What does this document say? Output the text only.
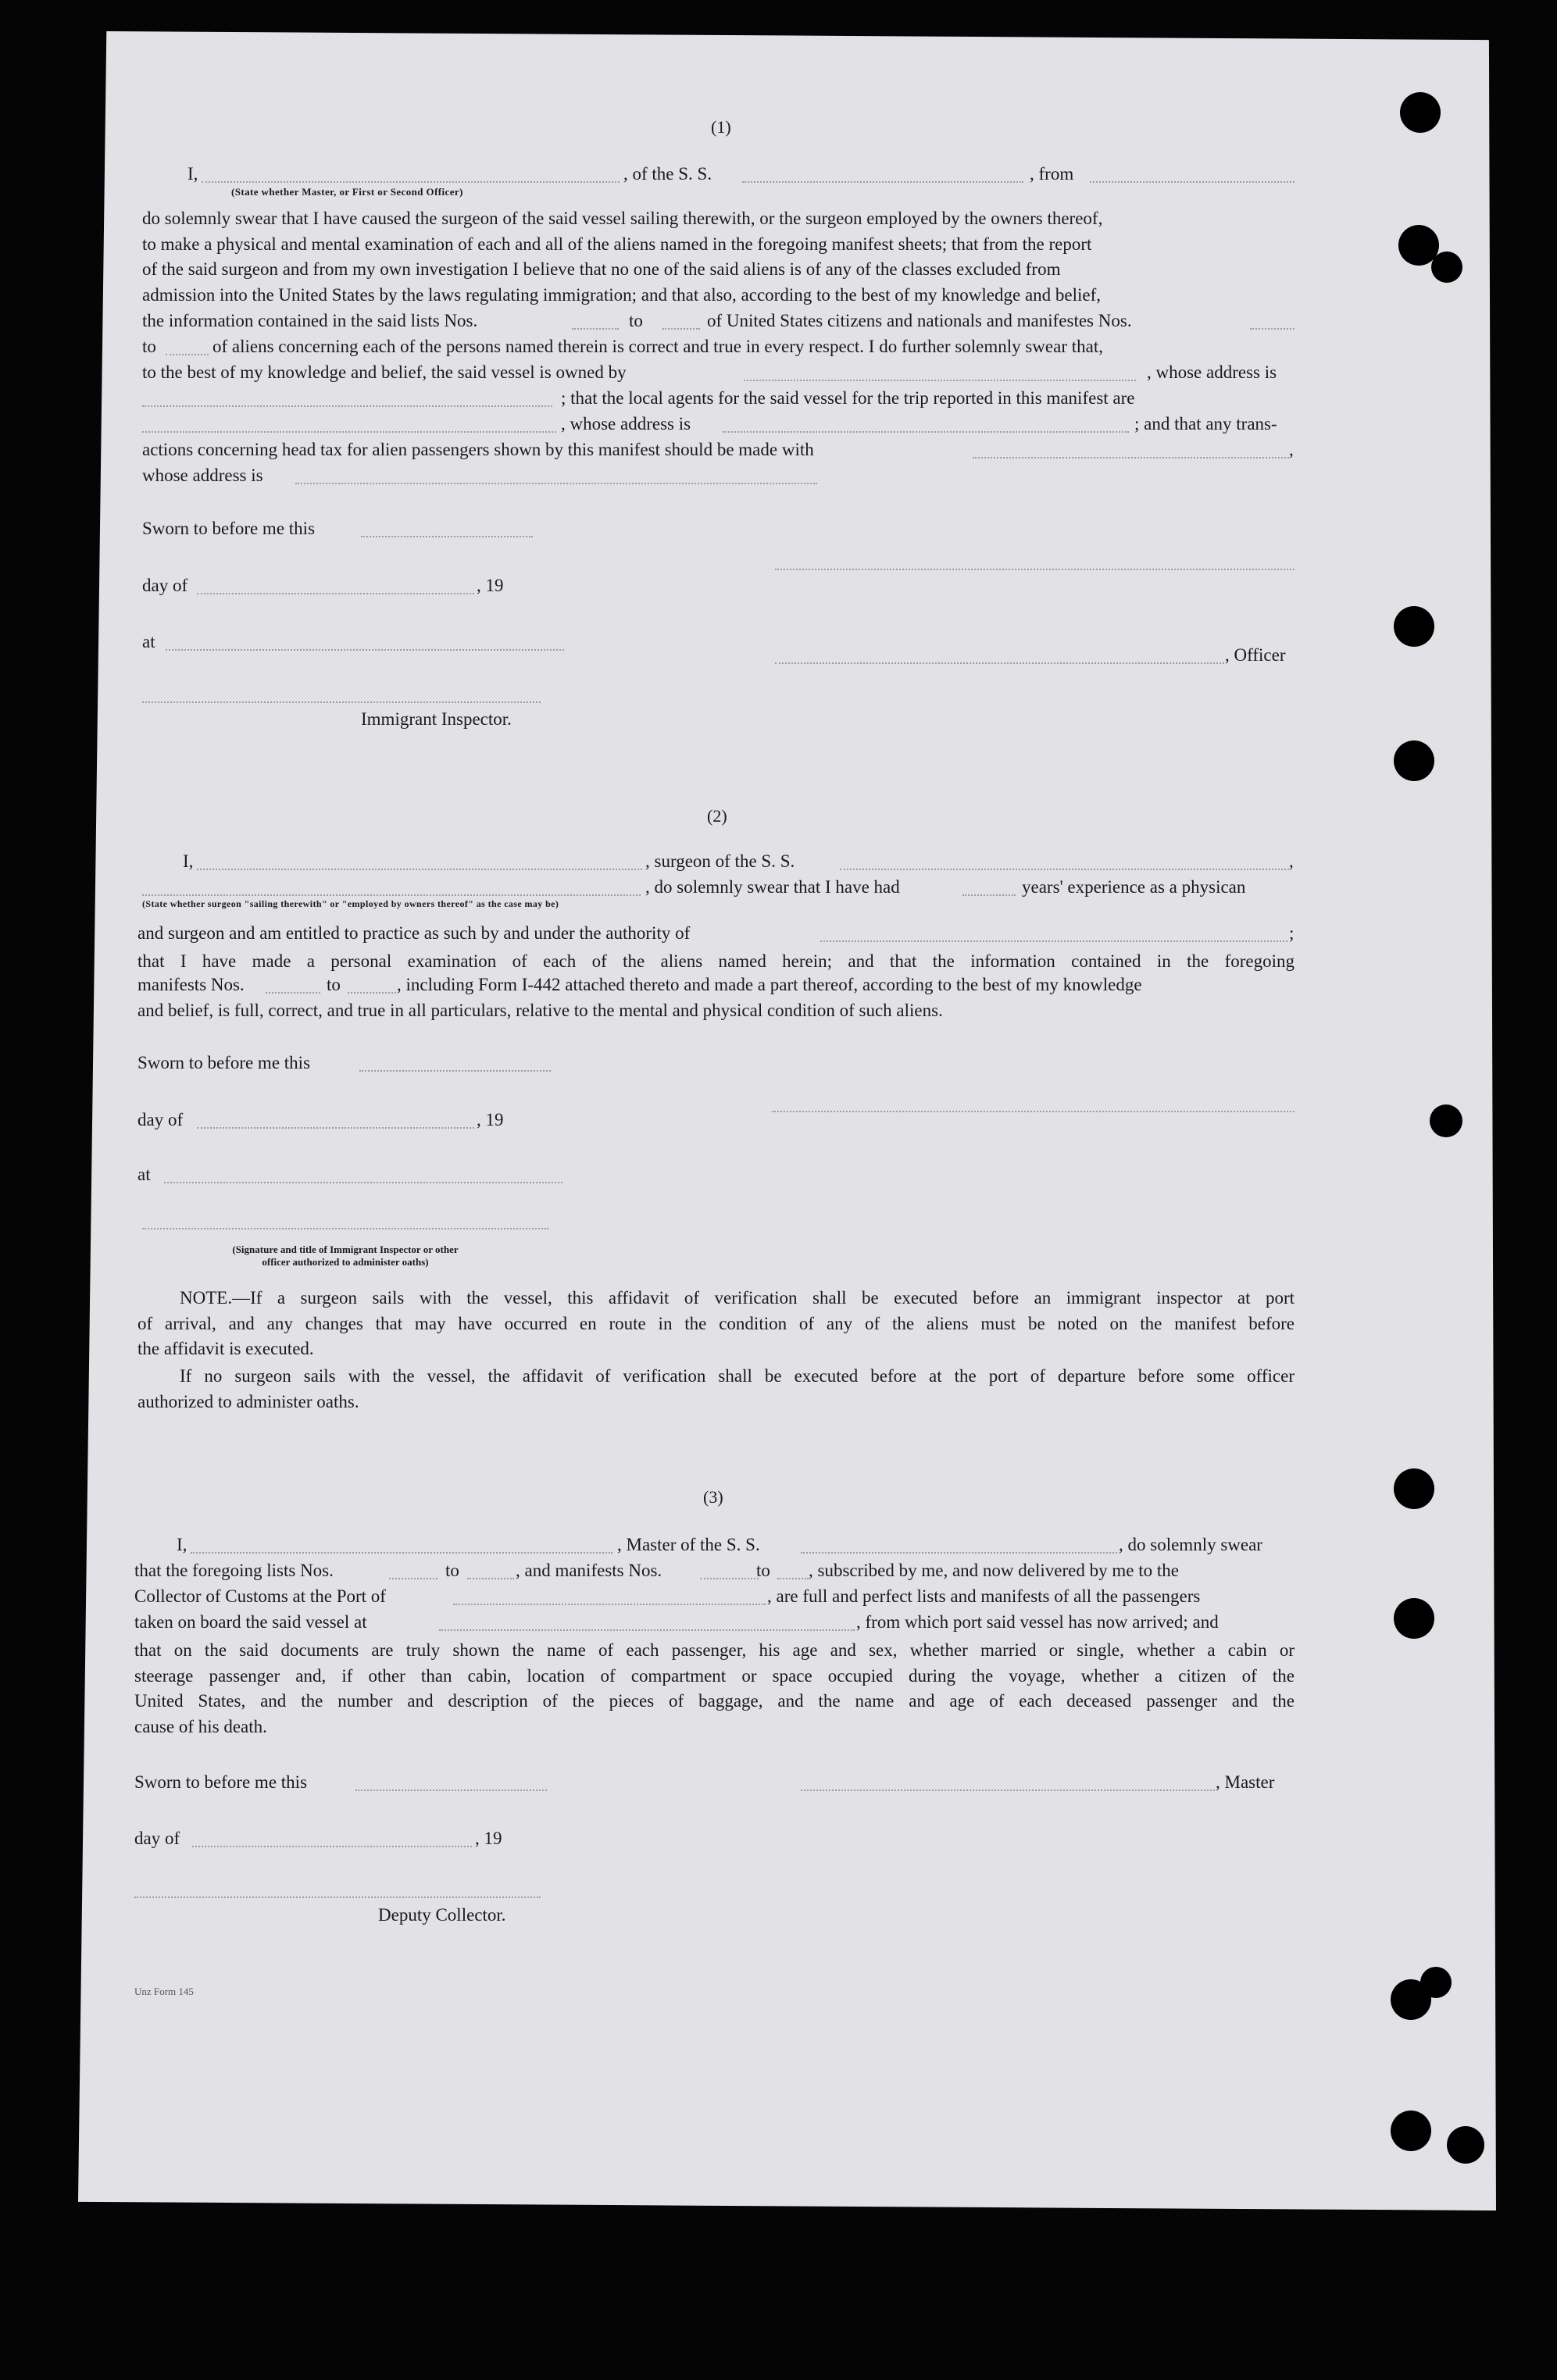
(1)
I,	, of the S. S.	, from
(State whether Master, or First or Second Officer)
do solemnly swear that I have caused the surgeon of the said vessel sailing therewith, or the surgeon employed by the owners thereof,
to make a physical and mental examination of each and all of the aliens named in the foregoing manifest sheets; that from the report
of the said surgeon and from my own investigation I believe that no one of the said aliens is of any of the classes excluded from
admission into the United States by the laws regulating immigration; and that also, according to the best of my knowledge and belief,
the information contained in the said lists Nos.	to	of United States citizens and nationals and manifestes Nos.
to	of aliens concerning each of the persons named therein is correct and true in every respect. I do further solemnly swear that,
to the best of my knowledge and belief, the said vessel is owned by	, whose address is
; that the local agents for the said vessel for the trip reported in this manifest are
, whose address is	; and that any trans-
actions concerning head tax for alien passengers shown by this manifest should be made with	,
whose address is
Sworn to before me this
day of	, 19
at
, Officer
Immigrant Inspector.
(2)
I,	, surgeon of the S. S.	,
, do solemnly swear that I have had	years' experience as a physican
(State whether surgeon "sailing therewith" or "employed by owners thereof" as the case may be)
and surgeon and am entitled to practice as such by and under the authority of	;
that I have made a personal examination of each of the aliens named herein; and that the information contained in the foregoing
manifests Nos.	to	, including Form I-442 attached thereto and made a part thereof, according to the best of my knowledge
and belief, is full, correct, and true in all particulars, relative to the mental and physical condition of such aliens.
Sworn to before me this
day of	, 19
at
(Signature and title of Immigrant Inspector or other
officer authorized to administer oaths)
NOTE.—If a surgeon sails with the vessel, this affidavit of verification shall be executed before an immigrant inspector at port
of arrival, and any changes that may have occurred en route in the condition of any of the aliens must be noted on the manifest before
the affidavit is executed.
If no surgeon sails with the vessel, the affidavit of verification shall be executed before at the port of departure before some officer
authorized to administer oaths.
(3)
I,	, Master of the S. S.	, do solemnly swear
that the foregoing lists Nos.	to	, and manifests Nos.	to , subscribed by me, and now delivered by me to the
Collector of Customs at the Port of	, are full and perfect lists and manifests of all the passengers
taken on board the said vessel at	, from which port said vessel has now arrived; and
that on the said documents are truly shown the name of each passenger, his age and sex, whether married or single, whether a cabin or
steerage passenger and, if other than cabin, location of compartment or space occupied during the voyage, whether a citizen of the
United States, and the number and description of the pieces of baggage, and the name and age of each deceased passenger and the
cause of his death.
Sworn to before me this	, Master
day of	, 19
Deputy Collector.
Unz Form 145
